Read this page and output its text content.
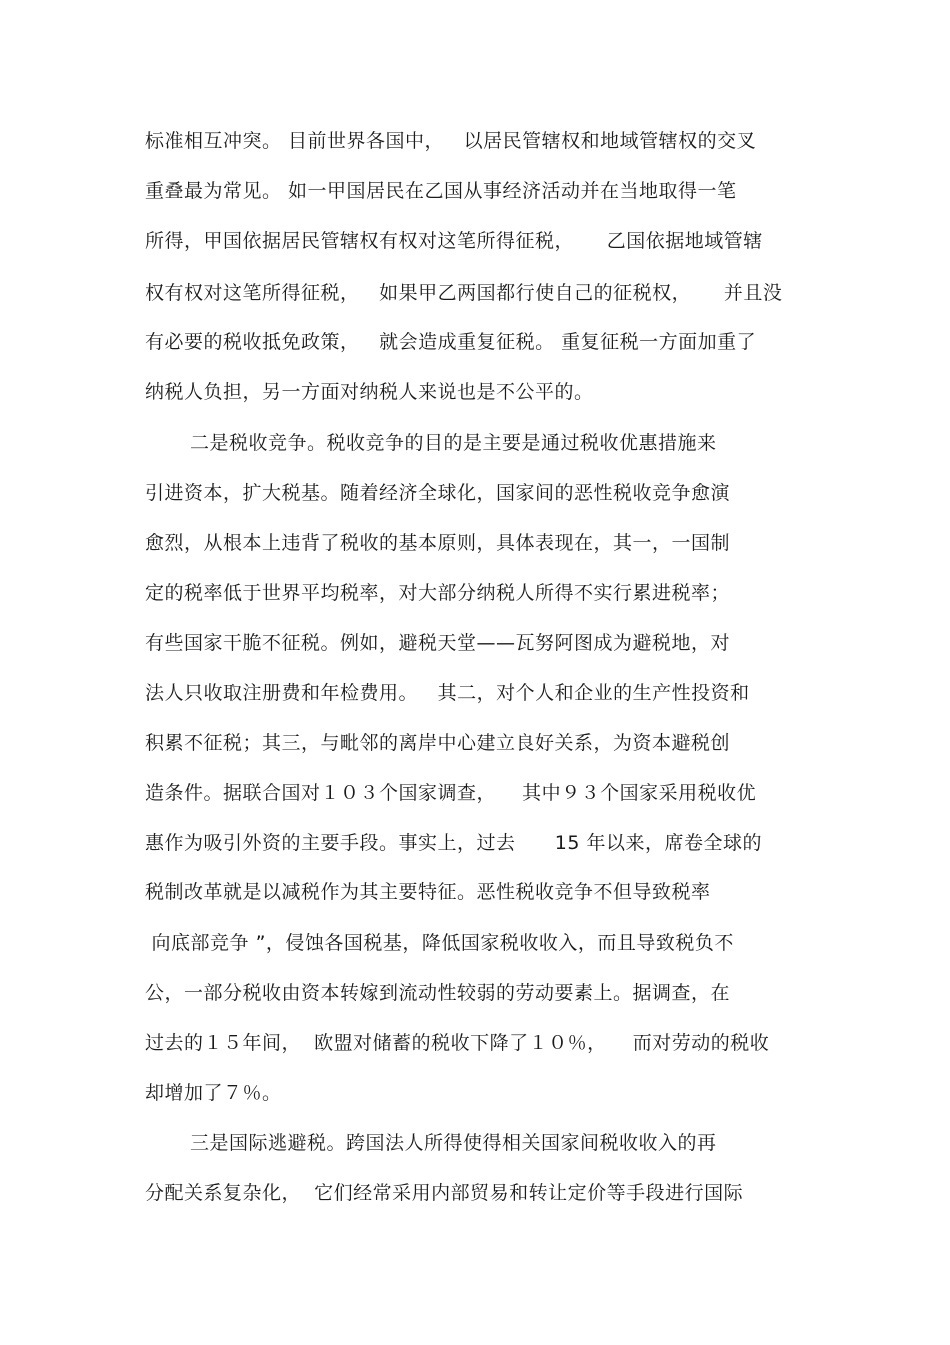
标准相互冲突。 目前世界各国中，   以居民管辖权和地域管辖权的交叉
重叠最为常见。 如一甲国居民在乙国从事经济活动并在当地取得一笔
所得，甲国依据居民管辖权有权对这笔所得征税，     乙国依据地域管辖
权有权对这笔所得征税，   如果甲乙两国都行使自己的征税权，     并且没
有必要的税收抵免政策，   就会造成重复征税。 重复征税一方面加重了
纳税人负担，另一方面对纳税人来说也是不公平的。
二是税收竞争。税收竞争的目的是主要是通过税收优惠措施来
引进资本，扩大税基。随着经济全球化，国家间的恶性税收竞争愈演
愈烈，从根本上违背了税收的基本原则，具体表现在，其一，一国制
定的税率低于世界平均税率，对大部分纳税人所得不实行累进税率；
有些国家干脆不征税。例如，避税天堂——瓦努阿图成为避税地，对
法人只收取注册费和年检费用。   其二，对个人和企业的生产性投资和
积累不征税；其三，与毗邻的离岸中心建立良好关系，为资本避税创
造条件。据联合国对１０３个国家调查，    其中９３个国家采用税收优
惠作为吸引外资的主要手段。事实上，过去      15 年以来，席卷全球的
税制改革就是以减税作为其主要特征。恶性税收竞争不但导致税率
向底部竞争 ”，侵蚀各国税基，降低国家税收收入，而且导致税负不
公，一部分税收由资本转嫁到流动性较弱的劳动要素上。据调查，在
过去的１５年间，  欧盟对储蓄的税收下降了１０％，    而对劳动的税收
却增加了７％。
三是国际逃避税。跨国法人所得使得相关国家间税收收入的再
分配关系复杂化，  它们经常采用内部贸易和转让定价等手段进行国际
